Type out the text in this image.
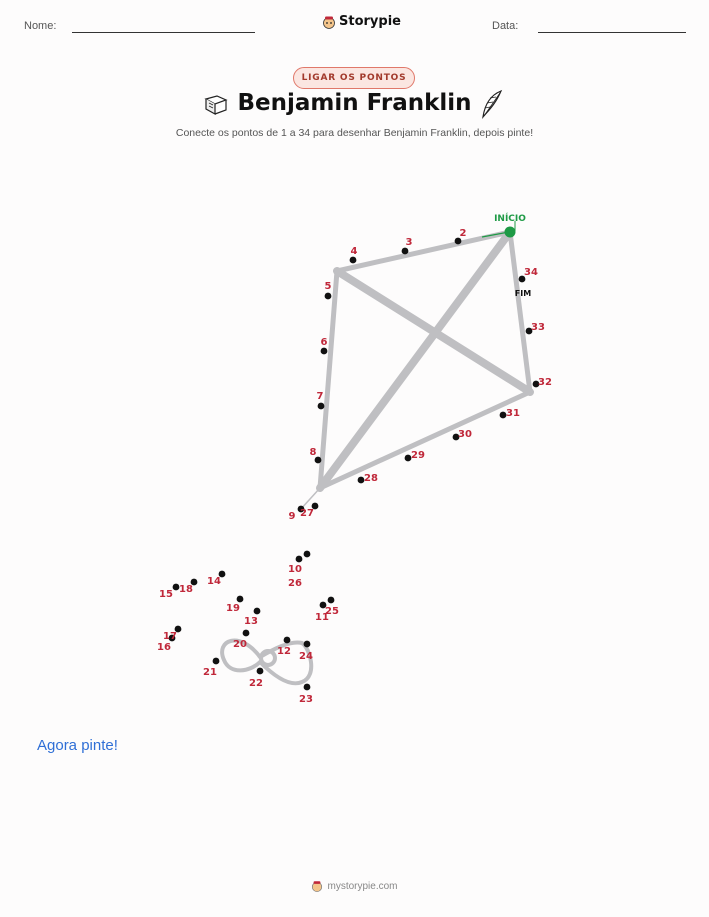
Nome:	Storypie	Data:
LIGAR OS PONTOS
Benjamin Franklin
Conecte os pontos de 1 a 34 para desenhar Benjamin Franklin, depois pinte!
INÍCIO
FIM
2
3
4
5
6
7
8
9
10
11
12
13
14
15
16
17
18
19
20
21
22
23
24
25
26
27
28
29
30
31
32
33
34
Agora pinte!
mystorypie.com
